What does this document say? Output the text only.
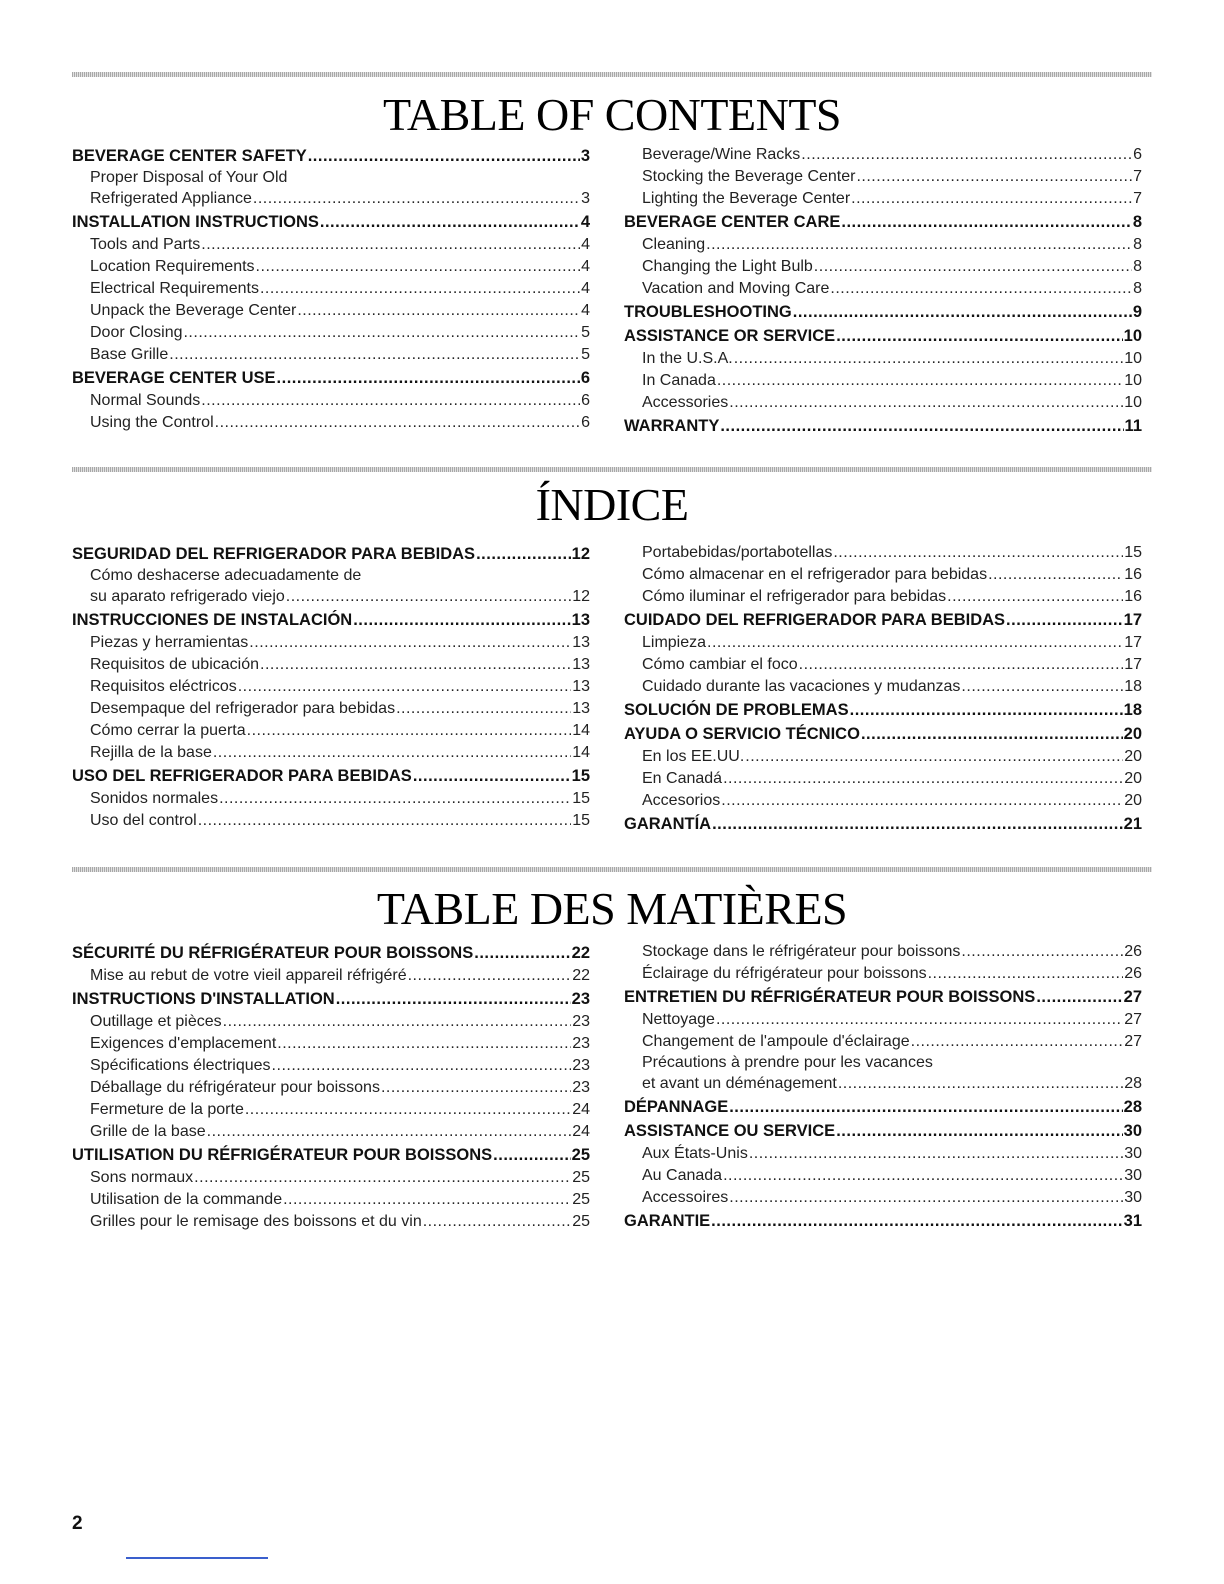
TABLE OF CONTENTS
BEVERAGE CENTER SAFETY .....	3
Proper Disposal of Your Old
Refrigerated Appliance .....	3
INSTALLATION INSTRUCTIONS .....	4
Tools and Parts .....	4
Location Requirements .....	4
Electrical Requirements .....	4
Unpack the Beverage Center .....	4
Door Closing .....	5
Base Grille .....	5
BEVERAGE CENTER USE .....	6
Normal Sounds .....	6
Using the Control .....	6
Beverage/Wine Racks .....	6
Stocking the Beverage Center .....	7
Lighting the Beverage Center .....	7
BEVERAGE CENTER CARE .....	8
Cleaning .....	8
Changing the Light Bulb .....	8
Vacation and Moving Care .....	8
TROUBLESHOOTING .....	9
ASSISTANCE OR SERVICE .....	10
In the U.S.A. .....	10
In Canada .....	10
Accessories .....	10
WARRANTY .....	11
ÍNDICE
SEGURIDAD DEL REFRIGERADOR PARA BEBIDAS .....	12
Cómo deshacerse adecuadamente de
su aparato refrigerado viejo .....	12
INSTRUCCIONES DE INSTALACIÓN .....	13
Piezas y herramientas .....	13
Requisitos de ubicación .....	13
Requisitos eléctricos .....	13
Desempaque del refrigerador para bebidas .....	13
Cómo cerrar la puerta .....	14
Rejilla de la base .....	14
USO DEL REFRIGERADOR PARA BEBIDAS .....	15
Sonidos normales .....	15
Uso del control .....	15
Portabebidas/portabotellas .....	15
Cómo almacenar en el refrigerador para bebidas .....	16
Cómo iluminar el refrigerador para bebidas .....	16
CUIDADO DEL REFRIGERADOR PARA BEBIDAS .....	17
Limpieza .....	17
Cómo cambiar el foco .....	17
Cuidado durante las vacaciones y mudanzas .....	18
SOLUCIÓN DE PROBLEMAS .....	18
AYUDA O SERVICIO TÉCNICO .....	20
En los EE.UU. .....	20
En Canadá .....	20
Accesorios .....	20
GARANTÍA .....	21
TABLE DES MATIÈRES
SÉCURITÉ DU RÉFRIGÉRATEUR POUR BOISSONS .....	22
Mise au rebut de votre vieil appareil réfrigéré .....	22
INSTRUCTIONS D'INSTALLATION .....	23
Outillage et pièces .....	23
Exigences d'emplacement .....	23
Spécifications électriques .....	23
Déballage du réfrigérateur pour boissons .....	23
Fermeture de la porte .....	24
Grille de la base .....	24
UTILISATION DU RÉFRIGÉRATEUR POUR BOISSONS .....	25
Sons normaux .....	25
Utilisation de la commande .....	25
Grilles pour le remisage des boissons et du vin .....	25
Stockage dans le réfrigérateur pour boissons .....	26
Éclairage du réfrigérateur pour boissons .....	26
ENTRETIEN DU RÉFRIGÉRATEUR POUR BOISSONS .....	27
Nettoyage .....	27
Changement de l'ampoule d'éclairage .....	27
Précautions à prendre pour les vacances
et avant un déménagement .....	28
DÉPANNAGE .....	28
ASSISTANCE OU SERVICE .....	30
Aux États-Unis .....	30
Au Canada .....	30
Accessoires .....	30
GARANTIE .....	31
2
